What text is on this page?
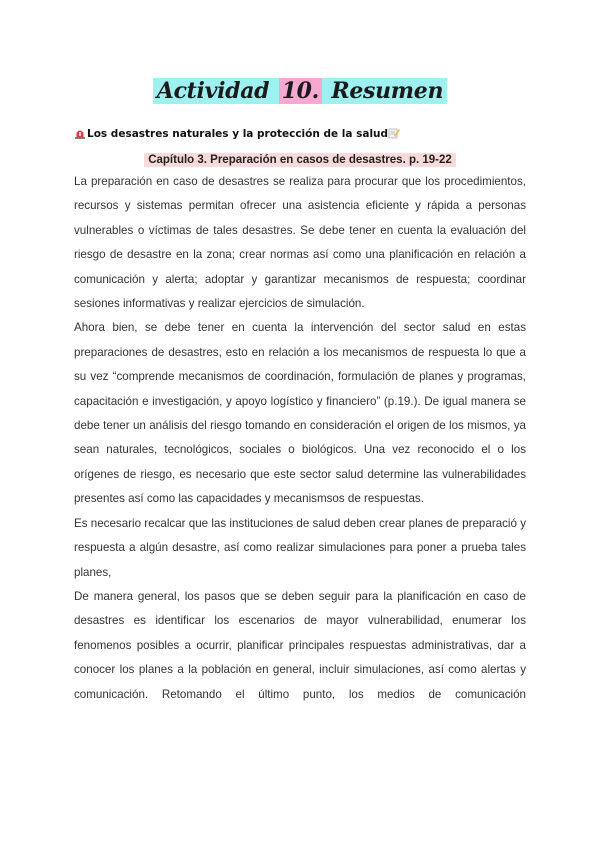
Actividad 10. Resumen
Los desastres naturales y la protección de la salud
Capítulo 3. Preparación en casos de desastres. p. 19-22

La preparación en caso de desastres se realiza para procurar que los procedimientos, recursos y sistemas permitan ofrecer una asistencia eficiente y rápida a personas vulnerables o víctimas de tales desastres. Se debe tener en cuenta la evaluación del riesgo de desastre en la zona; crear normas así como una planificación en relación a comunicación y alerta; adoptar y garantizar mecanismos de respuesta; coordinar sesiones informativas y realizar ejercicios de simulación.

Ahora bien, se debe tener en cuenta la intervención del sector salud en estas preparaciones de desastres, esto en relación a los mecanismos de respuesta lo que a su vez “comprende mecanismos de coordinación, formulación de planes y programas, capacitación e investigación, y apoyo logístico y financiero” (p.19.). De igual manera se debe tener un análisis del riesgo tomando en consideración el origen de los mismos, ya sean naturales, tecnológicos, sociales o biológicos. Una vez reconocido el o los orígenes de riesgo, es necesario que este sector salud determine las vulnerabilidades presentes así como las capacidades y mecanismsos de respuestas.

Es necesario recalcar que las instituciones de salud deben crear planes de preparació y respuesta a algún desastre, así como realizar simulaciones para poner a prueba tales planes,

De manera general, los pasos que se deben seguir para la planificación en caso de desastres es identificar los escenarios de mayor vulnerabilidad, enumerar los fenomenos posibles a ocurrir, planificar principales respuestas administrativas, dar a conocer los planes a la población en general, incluir simulaciones, así como alertas y comunicación. Retomando el último punto, los medios de comunicación
